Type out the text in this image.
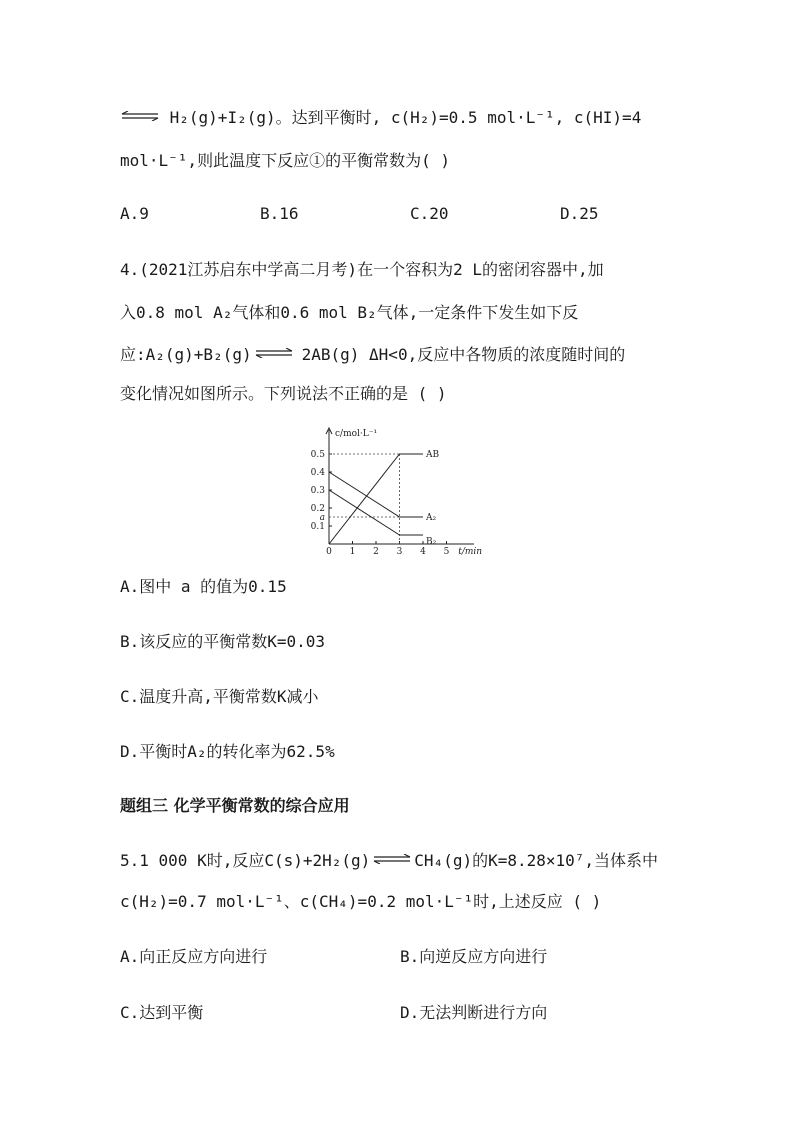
⇌ H₂(g)+I₂(g)。达到平衡时, c(H₂)=0.5 mol·L⁻¹, c(HI)=4
mol·L⁻¹,则此温度下反应①的平衡常数为( )
A.9	B.16	C.20	D.25
4.(2021江苏启东中学高二月考)在一个容积为2 L的密闭容器中,加
入0.8 mol A₂气体和0.6 mol B₂气体,一定条件下发生如下反
应:A₂(g)+B₂(g) ⇌ 2AB(g) ΔH<0,反应中各物质的浓度随时间的
变化情况如图所示。下列说法不正确的是 ( )
0 1 2 3 4 5
0.1
0.2
0.3
0.4
0.5
c/mol·L⁻¹
t/min
a
AB
A₂
B₂
A.图中 a 的值为0.15
B.该反应的平衡常数K=0.03
C.温度升高,平衡常数K减小
D.平衡时A₂的转化率为62.5%
题组三 化学平衡常数的综合应用
5.1 000 K时,反应C(s)+2H₂(g) ⇌ CH₄(g)的K=8.28×10⁷,当体系中
c(H₂)=0.7 mol·L⁻¹、c(CH₄)=0.2 mol·L⁻¹时,上述反应 ( )
A.向正反应方向进行	B.向逆反应方向进行
C.达到平衡	D.无法判断进行方向
